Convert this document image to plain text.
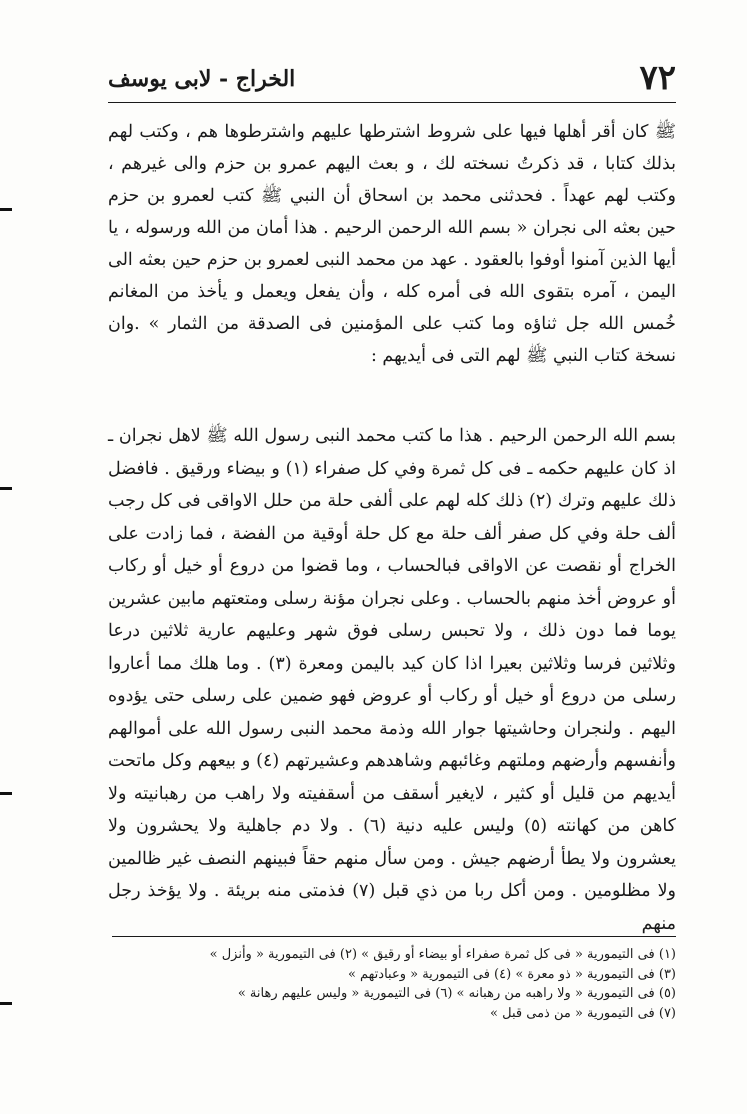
٧٢
الخراج - لابى يوسف

ﷺ كان أقر أهلها فيها على شروط اشترطها عليهم واشترطوها هم ، وكتب لهم بذلك كتابا ، قد ذكرتُ نسخته لك ، و بعث اليهم عمرو بن حزم والى غيرهم ، وكتب لهم عهداً . فحدثنى محمد بن اسحاق أن النبي ﷺ كتب لعمرو بن حزم حين بعثه الى نجران « بسم الله الرحمن الرحيم . هذا أمان من الله ورسوله ، يا أيها الذين آمنوا أوفوا بالعقود . عهد من محمد النبى لعمرو بن حزم حين بعثه الى اليمن ، آمره بتقوى الله فى أمره كله ، وأن يفعل ويعمل و يأخذ من المغانم خُمس الله جل ثناؤه وما كتب على المؤمنين فى الصدقة من الثمار » .وان نسخة كتاب النبي ﷺ لهم التى فى أيديهم :

بسم الله الرحمن الرحيم . هذا ما كتب محمد النبى رسول الله ﷺ لاهل نجران ـ اذ كان عليهم حكمه ـ فى كل ثمرة وفي كل صفراء (١) و بيضاء ورقيق . فافضل ذلك عليهم وترك (٢) ذلك كله لهم على ألفى حلة من حلل الاواقى فى كل رجب ألف حلة وفي كل صفر ألف حلة مع كل حلة أوقية من الفضة ، فما زادت على الخراج أو نقصت عن الاواقى فبالحساب ، وما قضوا من دروع أو خيل أو ركاب أو عروض أخذ منهم بالحساب . وعلى نجران مؤنة رسلى ومتعتهم مابين عشرين يوما فما دون ذلك ، ولا تحبس رسلى فوق شهر وعليهم عارية ثلاثين درعا وثلاثين فرسا وثلاثين بعيرا اذا كان كيد باليمن ومعرة (٣) . وما هلك مما أعاروا رسلى من دروع أو خيل أو ركاب أو عروض فهو ضمين على رسلى حتى يؤدوه اليهم . ولنجران وحاشيتها جوار الله وذمة محمد النبى رسول الله على أموالهم وأنفسهم وأرضهم وملتهم وغائبهم وشاهدهم وعشيرتهم (٤) و بيعهم وكل ماتحت أيديهم من قليل أو كثير ، لايغير أسقف من أسقفيته ولا راهب من رهبانيته ولا كاهن من كهانته (٥) وليس عليه دنية (٦) . ولا دم جاهلية ولا يحشرون ولا يعشرون ولا يطأ أرضهم جيش . ومن سأل منهم حقاً فبينهم النصف غير ظالمين ولا مظلومين . ومن أكل ربا من ذي قبل (٧) فذمتى منه بريئة . ولا يؤخذ رجل منهم

(١) فى التيمورية « فى كل ثمرة صفراء أو بيضاء أو رقيق » (٢) فى التيمورية « وأنزل »

(٣) فى التيمورية « ذو معرة » (٤) فى التيمورية « وعبادتهم »

(٥) فى التيمورية « ولا راهبه من رهبانه » (٦) فى التيمورية « وليس عليهم رهانة »

(٧) فى التيمورية « من ذمى قبل »
